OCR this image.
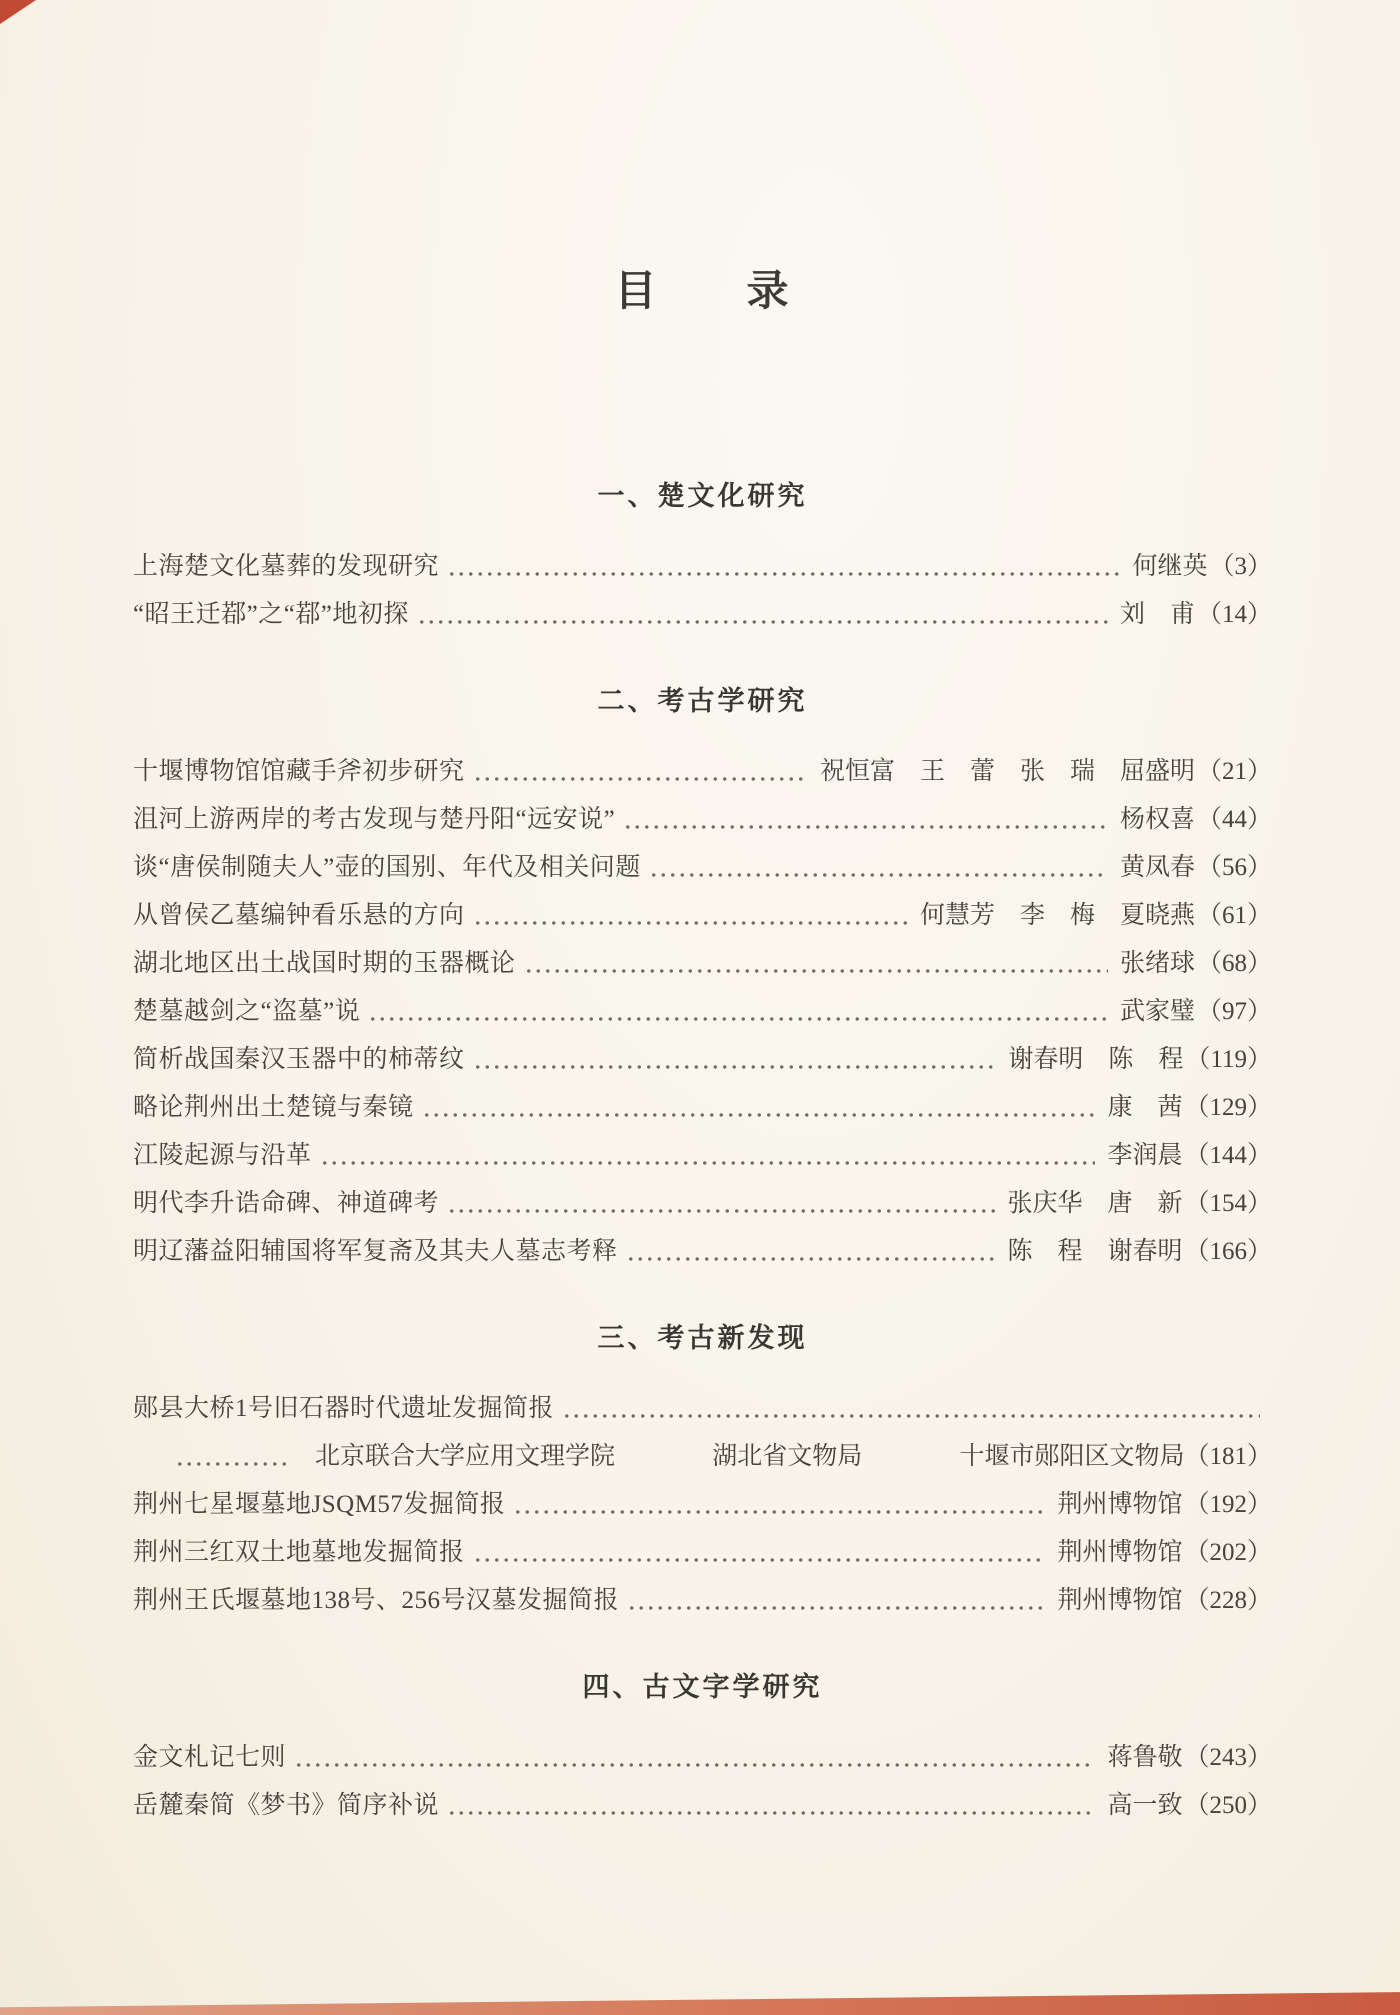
目　　录
一、楚文化研究
上海楚文化墓葬的发现研究	何继英 （3）
“昭王迁鄀”之“鄀”地初探	刘　甫 （14）
二、考古学研究
十堰博物馆馆藏手斧初步研究	祝恒富　王　蕾　张　瑞　屈盛明 （21）
沮河上游两岸的考古发现与楚丹阳“远安说”	杨权喜 （44）
谈“唐侯制随夫人”壶的国别、年代及相关问题	黄凤春 （56）
从曾侯乙墓编钟看乐悬的方向	何慧芳　李　梅　夏晓燕 （61）
湖北地区出土战国时期的玉器概论	张绪球 （68）
楚墓越剑之“盗墓”说	武家璧 （97）
简析战国秦汉玉器中的柿蒂纹	谢春明　陈　程 （119）
略论荆州出土楚镜与秦镜	康　茜 （129）
江陵起源与沿革	李润晨 （144）
明代李升诰命碑、神道碑考	张庆华　唐　新 （154）
明辽藩益阳辅国将军复斋及其夫人墓志考释	陈　程　谢春明 （166）
三、考古新发现
郧县大桥1号旧石器时代遗址发掘简报
北京联合大学应用文理学院	湖北省文物局	十堰市郧阳区文物局（181）
荆州七星堰墓地JSQM57发掘简报	荆州博物馆 （192）
荆州三红双土地墓地发掘简报	荆州博物馆 （202）
荆州王氏堰墓地138号、256号汉墓发掘简报	荆州博物馆 （228）
四、古文字学研究
金文札记七则	蒋鲁敬 （243）
岳麓秦简《梦书》简序补说	高一致 （250）
